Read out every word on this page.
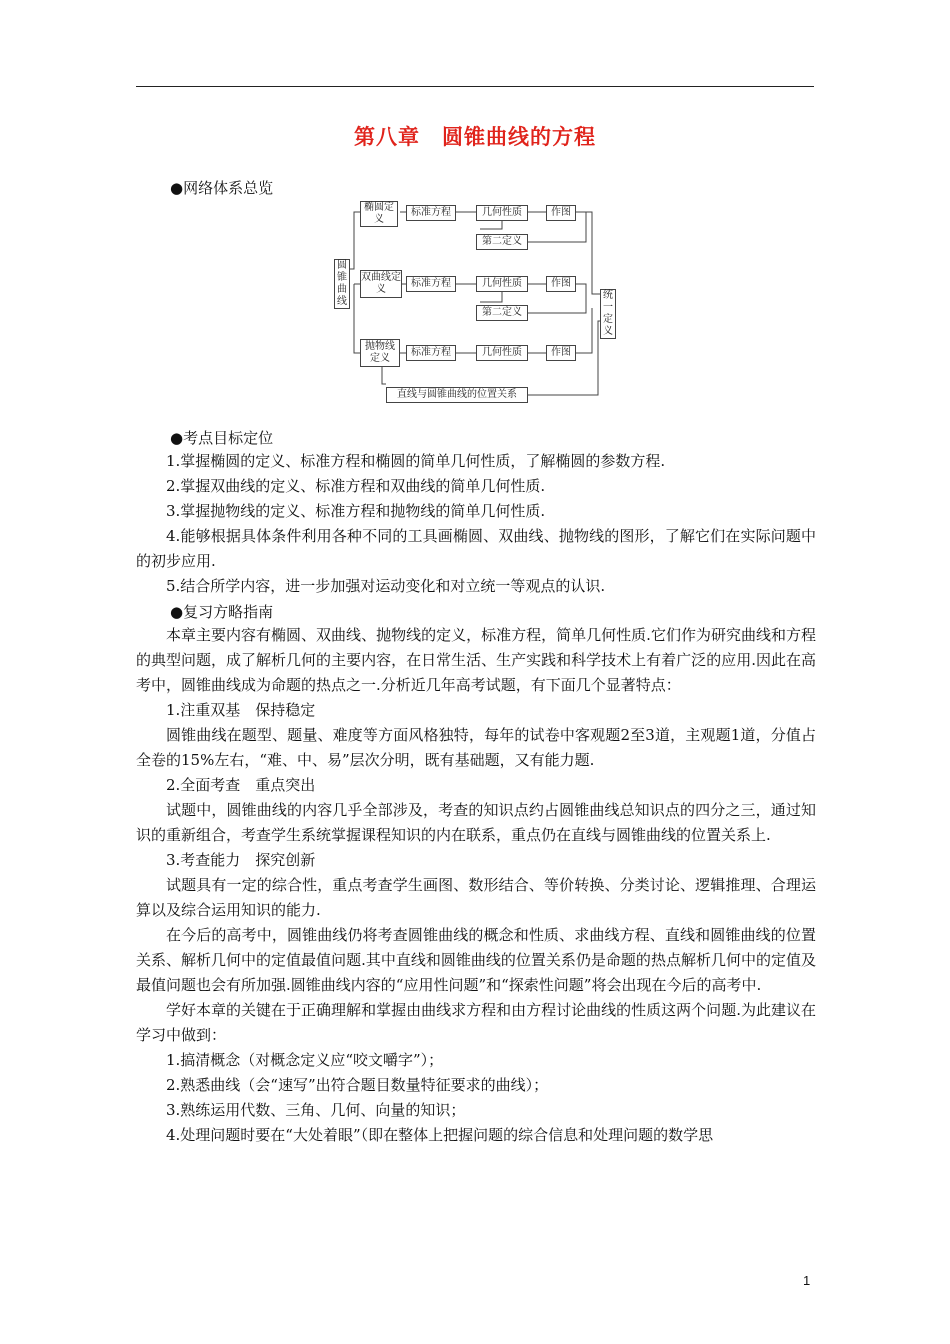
第八章　圆锥曲线的方程
●网络体系总览
圆锥曲线
椭圆定义
标准方程	几何性质	作图
第二定义
双曲线定义
标准方程	几何性质	作图
第二定义
抛物线定义
标准方程	几何性质	作图
统一定义
直线与圆锥曲线的位置关系
●考点目标定位

1.掌握椭圆的定义、标准方程和椭圆的简单几何性质，了解椭圆的参数方程.

2.掌握双曲线的定义、标准方程和双曲线的简单几何性质.

3.掌握抛物线的定义、标准方程和抛物线的简单几何性质.

4.能够根据具体条件利用各种不同的工具画椭圆、双曲线、抛物线的图形，了解它们在实际问题中的初步应用.

5.结合所学内容，进一步加强对运动变化和对立统一等观点的认识.

●复习方略指南

本章主要内容有椭圆、双曲线、抛物线的定义，标准方程，简单几何性质.它们作为研究曲线和方程的典型问题，成了解析几何的主要内容，在日常生活、生产实践和科学技术上有着广泛的应用.因此在高考中，圆锥曲线成为命题的热点之一.分析近几年高考试题，有下面几个显著特点：

1.注重双基　保持稳定

圆锥曲线在题型、题量、难度等方面风格独特，每年的试卷中客观题2至3道，主观题1道，分值占全卷的15%左右，“难、中、易”层次分明，既有基础题，又有能力题.

2.全面考查　重点突出

试题中，圆锥曲线的内容几乎全部涉及，考查的知识点约占圆锥曲线总知识点的四分之三，通过知识的重新组合，考查学生系统掌握课程知识的内在联系，重点仍在直线与圆锥曲线的位置关系上.

3.考查能力　探究创新

试题具有一定的综合性，重点考查学生画图、数形结合、等价转换、分类讨论、逻辑推理、合理运算以及综合运用知识的能力.

在今后的高考中，圆锥曲线仍将考查圆锥曲线的概念和性质、求曲线方程、直线和圆锥曲线的位置关系、解析几何中的定值最值问题.其中直线和圆锥曲线的位置关系仍是命题的热点解析几何中的定值及最值问题也会有所加强.圆锥曲线内容的“应用性问题”和“探索性问题”将会出现在今后的高考中.

学好本章的关键在于正确理解和掌握由曲线求方程和由方程讨论曲线的性质这两个问题.为此建议在学习中做到：

1.搞清概念（对概念定义应“咬文嚼字”）；

2.熟悉曲线（会“速写”出符合题目数量特征要求的曲线）；

3.熟练运用代数、三角、几何、向量的知识；

4.处理问题时要在“大处着眼”（即在整体上把握问题的综合信息和处理问题的数学思

1
